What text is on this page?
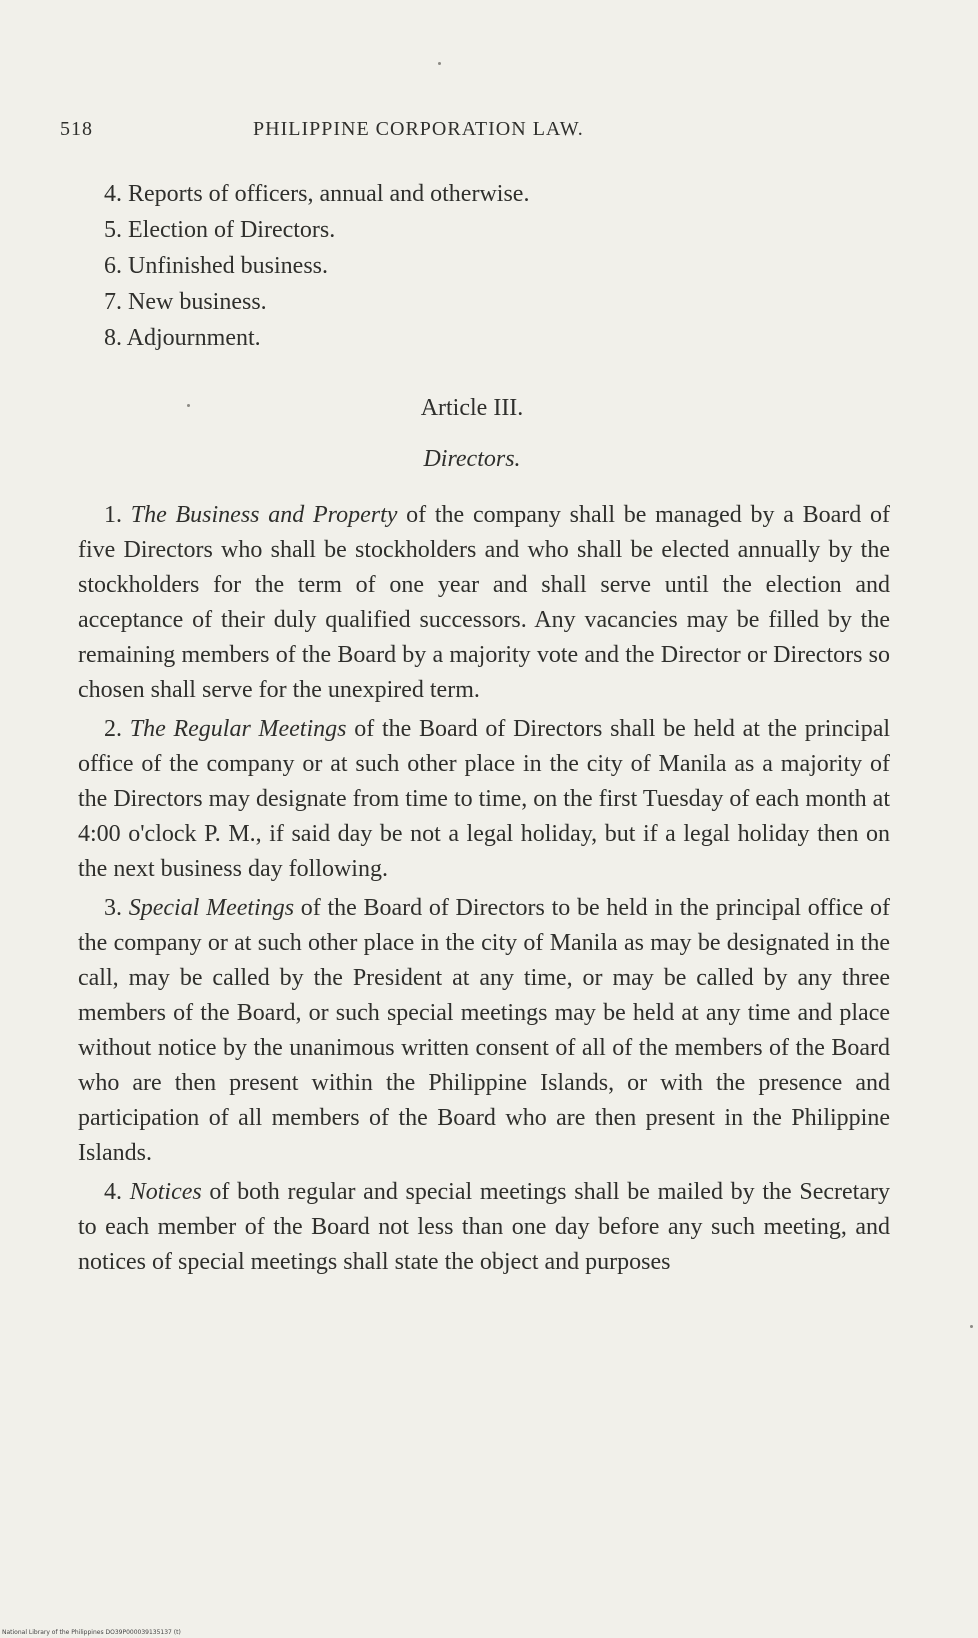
518	PHILIPPINE CORPORATION LAW.
4. Reports of officers, annual and otherwise.
5. Election of Directors.
6. Unfinished business.
7. New business.
8. Adjournment.
Article III.
Directors.

1. The Business and Property of the company shall be managed by a Board of five Directors who shall be stockholders and who shall be elected annually by the stockholders for the term of one year and shall serve until the election and acceptance of their duly qualified successors. Any vacancies may be filled by the remaining members of the Board by a majority vote and the Director or Directors so chosen shall serve for the unexpired term.

2. The Regular Meetings of the Board of Directors shall be held at the principal office of the company or at such other place in the city of Manila as a majority of the Directors may designate from time to time, on the first Tuesday of each month at 4:00 o'clock P. M., if said day be not a legal holiday, but if a legal holiday then on the next business day following.

3. Special Meetings of the Board of Directors to be held in the principal office of the company or at such other place in the city of Manila as may be designated in the call, may be called by the President at any time, or may be called by any three members of the Board, or such special meetings may be held at any time and place without notice by the unanimous written consent of all of the members of the Board who are then present within the Philippine Islands, or with the presence and participation of all members of the Board who are then present in the Philippine Islands.

4. Notices of both regular and special meetings shall be mailed by the Secretary to each member of the Board not less than one day before any such meeting, and notices of special meetings shall state the object and purposes

National Library of the Philippines DO39P000039135137 (t)
